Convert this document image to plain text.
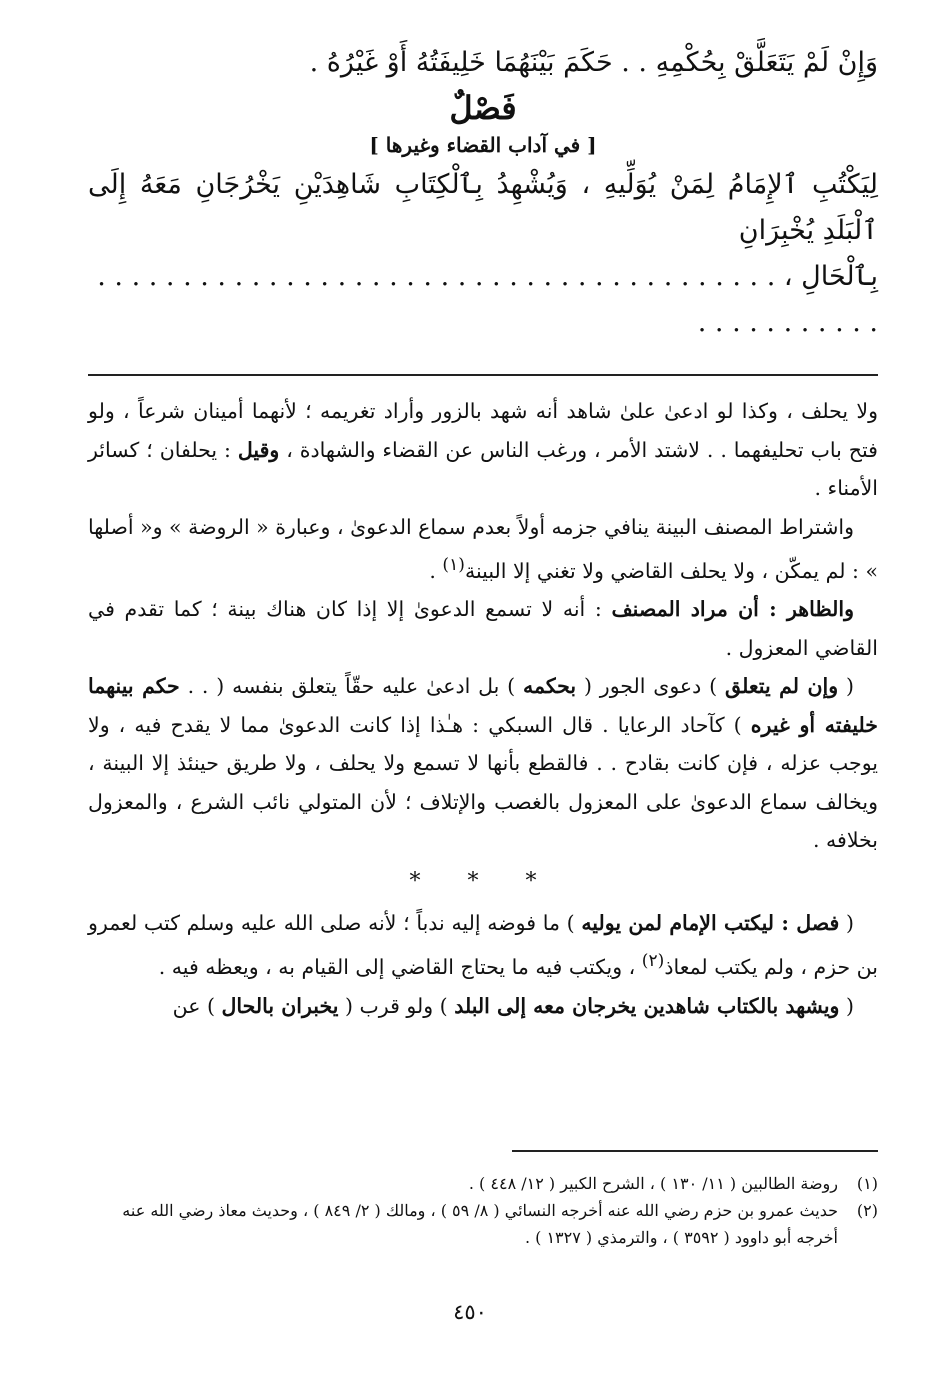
وَإِنْ لَمْ يَتَعَلَّقْ بِحُكْمِهِ . . حَكَمَ بَيْنَهُمَا خَلِيفَتُهُ أَوْ غَيْرُهُ .
فَصْلٌ
[ في آداب القضاء وغيرها ]
لِيَكْتُبِ ٱلإِمَامُ لِمَنْ يُوَلِّيهِ ، وَيُشْهِدُ بِٱلْكِتَابِ شَاهِدَيْنِ يَخْرُجَانِ مَعَهُ إِلَى ٱلْبَلَدِ يُخْبِرَانِ
بِٱلْحَالِ ، . . . . . . . . . . . . . . . . . . . . . . . . . . . . . . . . . . . . . . . . . . . . . . . . . . .

ولا يحلف ، وكذا لو ادعىٰ علىٰ شاهد أنه شهد بالزور وأراد تغريمه ؛ لأنهما أمينان شرعاً ، ولو فتح باب تحليفهما . . لاشتد الأمر ، ورغب الناس عن القضاء والشهادة ، وقيل : يحلفان ؛ كسائر الأمناء .

واشتراط المصنف البينة ينافي جزمه أولاً بعدم سماع الدعوىٰ ، وعبارة « الروضة » و« أصلها » : لم يمكّن ، ولا يحلف القاضي ولا تغني إلا البينة$^{(١)}$ .

والظاهر : أن مراد المصنف : أنه لا تسمع الدعوىٰ إلا إذا كان هناك بينة ؛ كما تقدم في القاضي المعزول .

( وإن لم يتعلق ) دعوى الجور ( بحكمه ) بل ادعىٰ عليه حقّاً يتعلق بنفسه ( . . حكم بينهما خليفته أو غيره ) كآحاد الرعايا . قال السبكي : هـٰذا إذا كانت الدعوىٰ مما لا يقدح فيه ، ولا يوجب عزله ، فإن كانت بقادح . . فالقطع بأنها لا تسمع ولا يحلف ، ولا طريق حينئذ إلا البينة ، ويخالف سماع الدعوىٰ على المعزول بالغصب والإتلاف ؛ لأن المتولي نائب الشرع ، والمعزول بخلافه .

* * *

( فصل : ليكتب الإمام لمن يوليه ) ما فوضه إليه ندباً ؛ لأنه صلى الله عليه وسلم كتب لعمرو بن حزم ، ولم يكتب لمعاذ$^{(٢)}$ ، ويكتب فيه ما يحتاج القاضي إلى القيام به ، ويعظه فيه .

( ويشهد بالكتاب شاهدين يخرجان معه إلى البلد ) ولو قرب ( يخبران بالحال ) عن

(١)
روضة الطالبين ( ١١/ ١٣٠ ) ، الشرح الكبير ( ١٢/ ٤٤٨ ) .
(٢)
حديث عمرو بن حزم رضي الله عنه أخرجه النسائي ( ٨/ ٥٩ ) ، ومالك ( ٢/ ٨٤٩ ) ، وحديث معاذ رضي الله عنه أخرجه أبو داوود ( ٣٥٩٢ ) ، والترمذي ( ١٣٢٧ ) .
٤٥٠
